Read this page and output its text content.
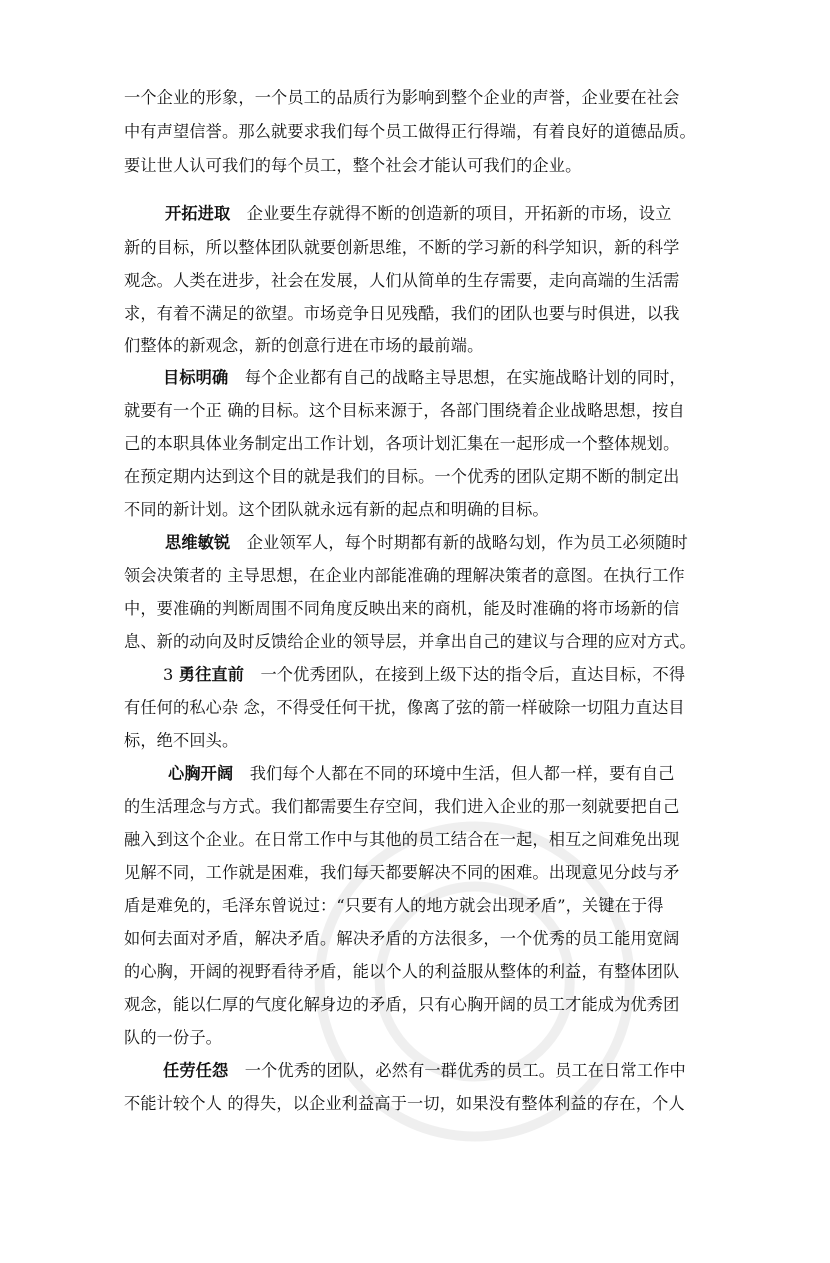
一个企业的形象，一个员工的品质行为影响到整个企业的声誉，企业要在社会
中有声望信誉。那么就要求我们每个员工做得正行得端，有着良好的道德品质。
要让世人认可我们的每个员工，整个社会才能认可我们的企业。
开拓进取　企业要生存就得不断的创造新的项目，开拓新的市场，设立
新的目标，所以整体团队就要创新思维，不断的学习新的科学知识，新的科学
观念。人类在进步，社会在发展，人们从简单的生存需要，走向高端的生活需
求，有着不满足的欲望。市场竞争日见残酷，我们的团队也要与时俱进，以我
们整体的新观念，新的创意行进在市场的最前端。
目标明确　每个企业都有自己的战略主导思想，在实施战略计划的同时，
就要有一个正 确的目标。这个目标来源于，各部门围绕着企业战略思想，按自
己的本职具体业务制定出工作计划，各项计划汇集在一起形成一个整体规划。
在预定期内达到这个目的就是我们的目标。一个优秀的团队定期不断的制定出
不同的新计划。这个团队就永远有新的起点和明确的目标。
思维敏锐　企业领军人，每个时期都有新的战略勾划，作为员工必须随时
领会决策者的 主导思想，在企业内部能准确的理解决策者的意图。在执行工作
中，要准确的判断周围不同角度反映出来的商机，能及时准确的将市场新的信
息、新的动向及时反馈给企业的领导层，并拿出自己的建议与合理的应对方式。
3 勇往直前　一个优秀团队，在接到上级下达的指令后，直达目标，不得
有任何的私心杂 念，不得受任何干扰，像离了弦的箭一样破除一切阻力直达目
标，绝不回头。
心胸开阔　我们每个人都在不同的环境中生活，但人都一样，要有自己
的生活理念与方式。我们都需要生存空间，我们进入企业的那一刻就要把自己
融入到这个企业。在日常工作中与其他的员工结合在一起，相互之间难免出现
见解不同，工作就是困难，我们每天都要解决不同的困难。出现意见分歧与矛
盾是难免的，毛泽东曾说过：“只要有人的地方就会出现矛盾”，关键在于得
如何去面对矛盾，解决矛盾。解决矛盾的方法很多，一个优秀的员工能用宽阔
的心胸，开阔的视野看待矛盾，能以个人的利益服从整体的利益，有整体团队
观念，能以仁厚的气度化解身边的矛盾，只有心胸开阔的员工才能成为优秀团
队的一份子。
任劳任怨　一个优秀的团队，必然有一群优秀的员工。员工在日常工作中
不能计较个人 的得失，以企业利益高于一切，如果没有整体利益的存在，个人
